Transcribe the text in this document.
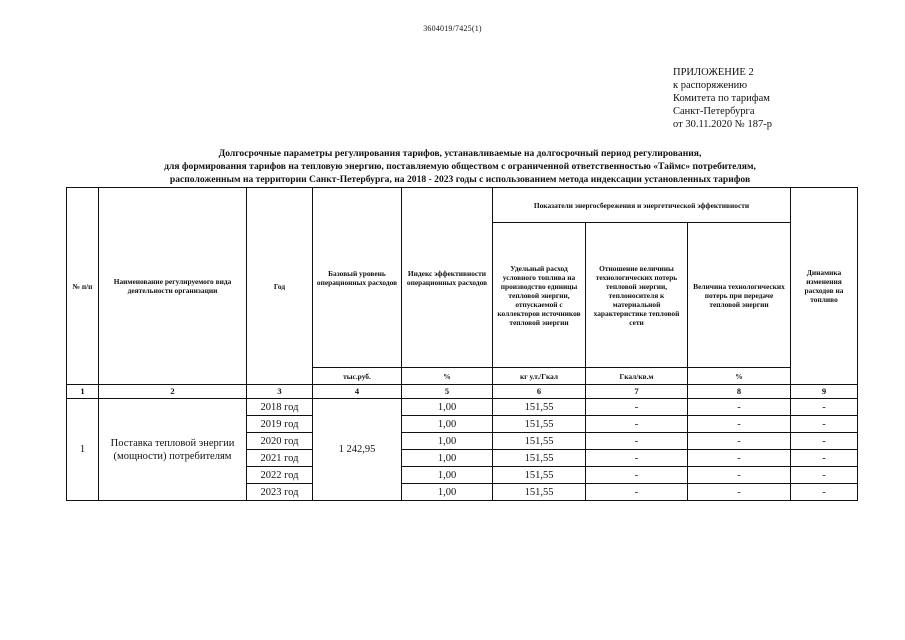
3604019/7425(1)
ПРИЛОЖЕНИЕ 2
к распоряжению
Комитета по тарифам
Санкт-Петербурга
от 30.11.2020 № 187-р
Долгосрочные параметры регулирования тарифов, устанавливаемые на долгосрочный период регулирования,
для формирования тарифов на тепловую энергию, поставляемую обществом с ограниченной ответственностью «Таймс» потребителям,
расположенным на территории Санкт-Петербурга, на 2018 - 2023 годы с использованием метода индексации установленных тарифов
№ п/п	Наименование регулируемого вида деятельности организации	Год	Базовый уровень операционных расходов	Индекс эффективности операционных расходов	Показатели энергосбережения и энергетической эффективности			Динамика изменения расходов на топливо
					Удельный расход условного топлива на производство единицы тепловой энергии, отпускаемой с коллекторов источников тепловой энергии	Отношение величины технологических потерь тепловой энергии, теплоносителя к материальной характеристике тепловой сети	Величина технологических потерь при передаче тепловой энергии	
			тыс.руб.	%	кг у.т./Гкал	Гкал/кв.м	%	
1	2	3	4	5	6	7	8	9
1	Поставка тепловой энергии (мощности) потребителям	2018 год	1 242,95	1,00	151,55	-	-	-
		2019 год		1,00	151,55	-	-	-
		2020 год		1,00	151,55	-	-	-
		2021 год		1,00	151,55	-	-	-
		2022 год		1,00	151,55	-	-	-
		2023 год		1,00	151,55	-	-	-
